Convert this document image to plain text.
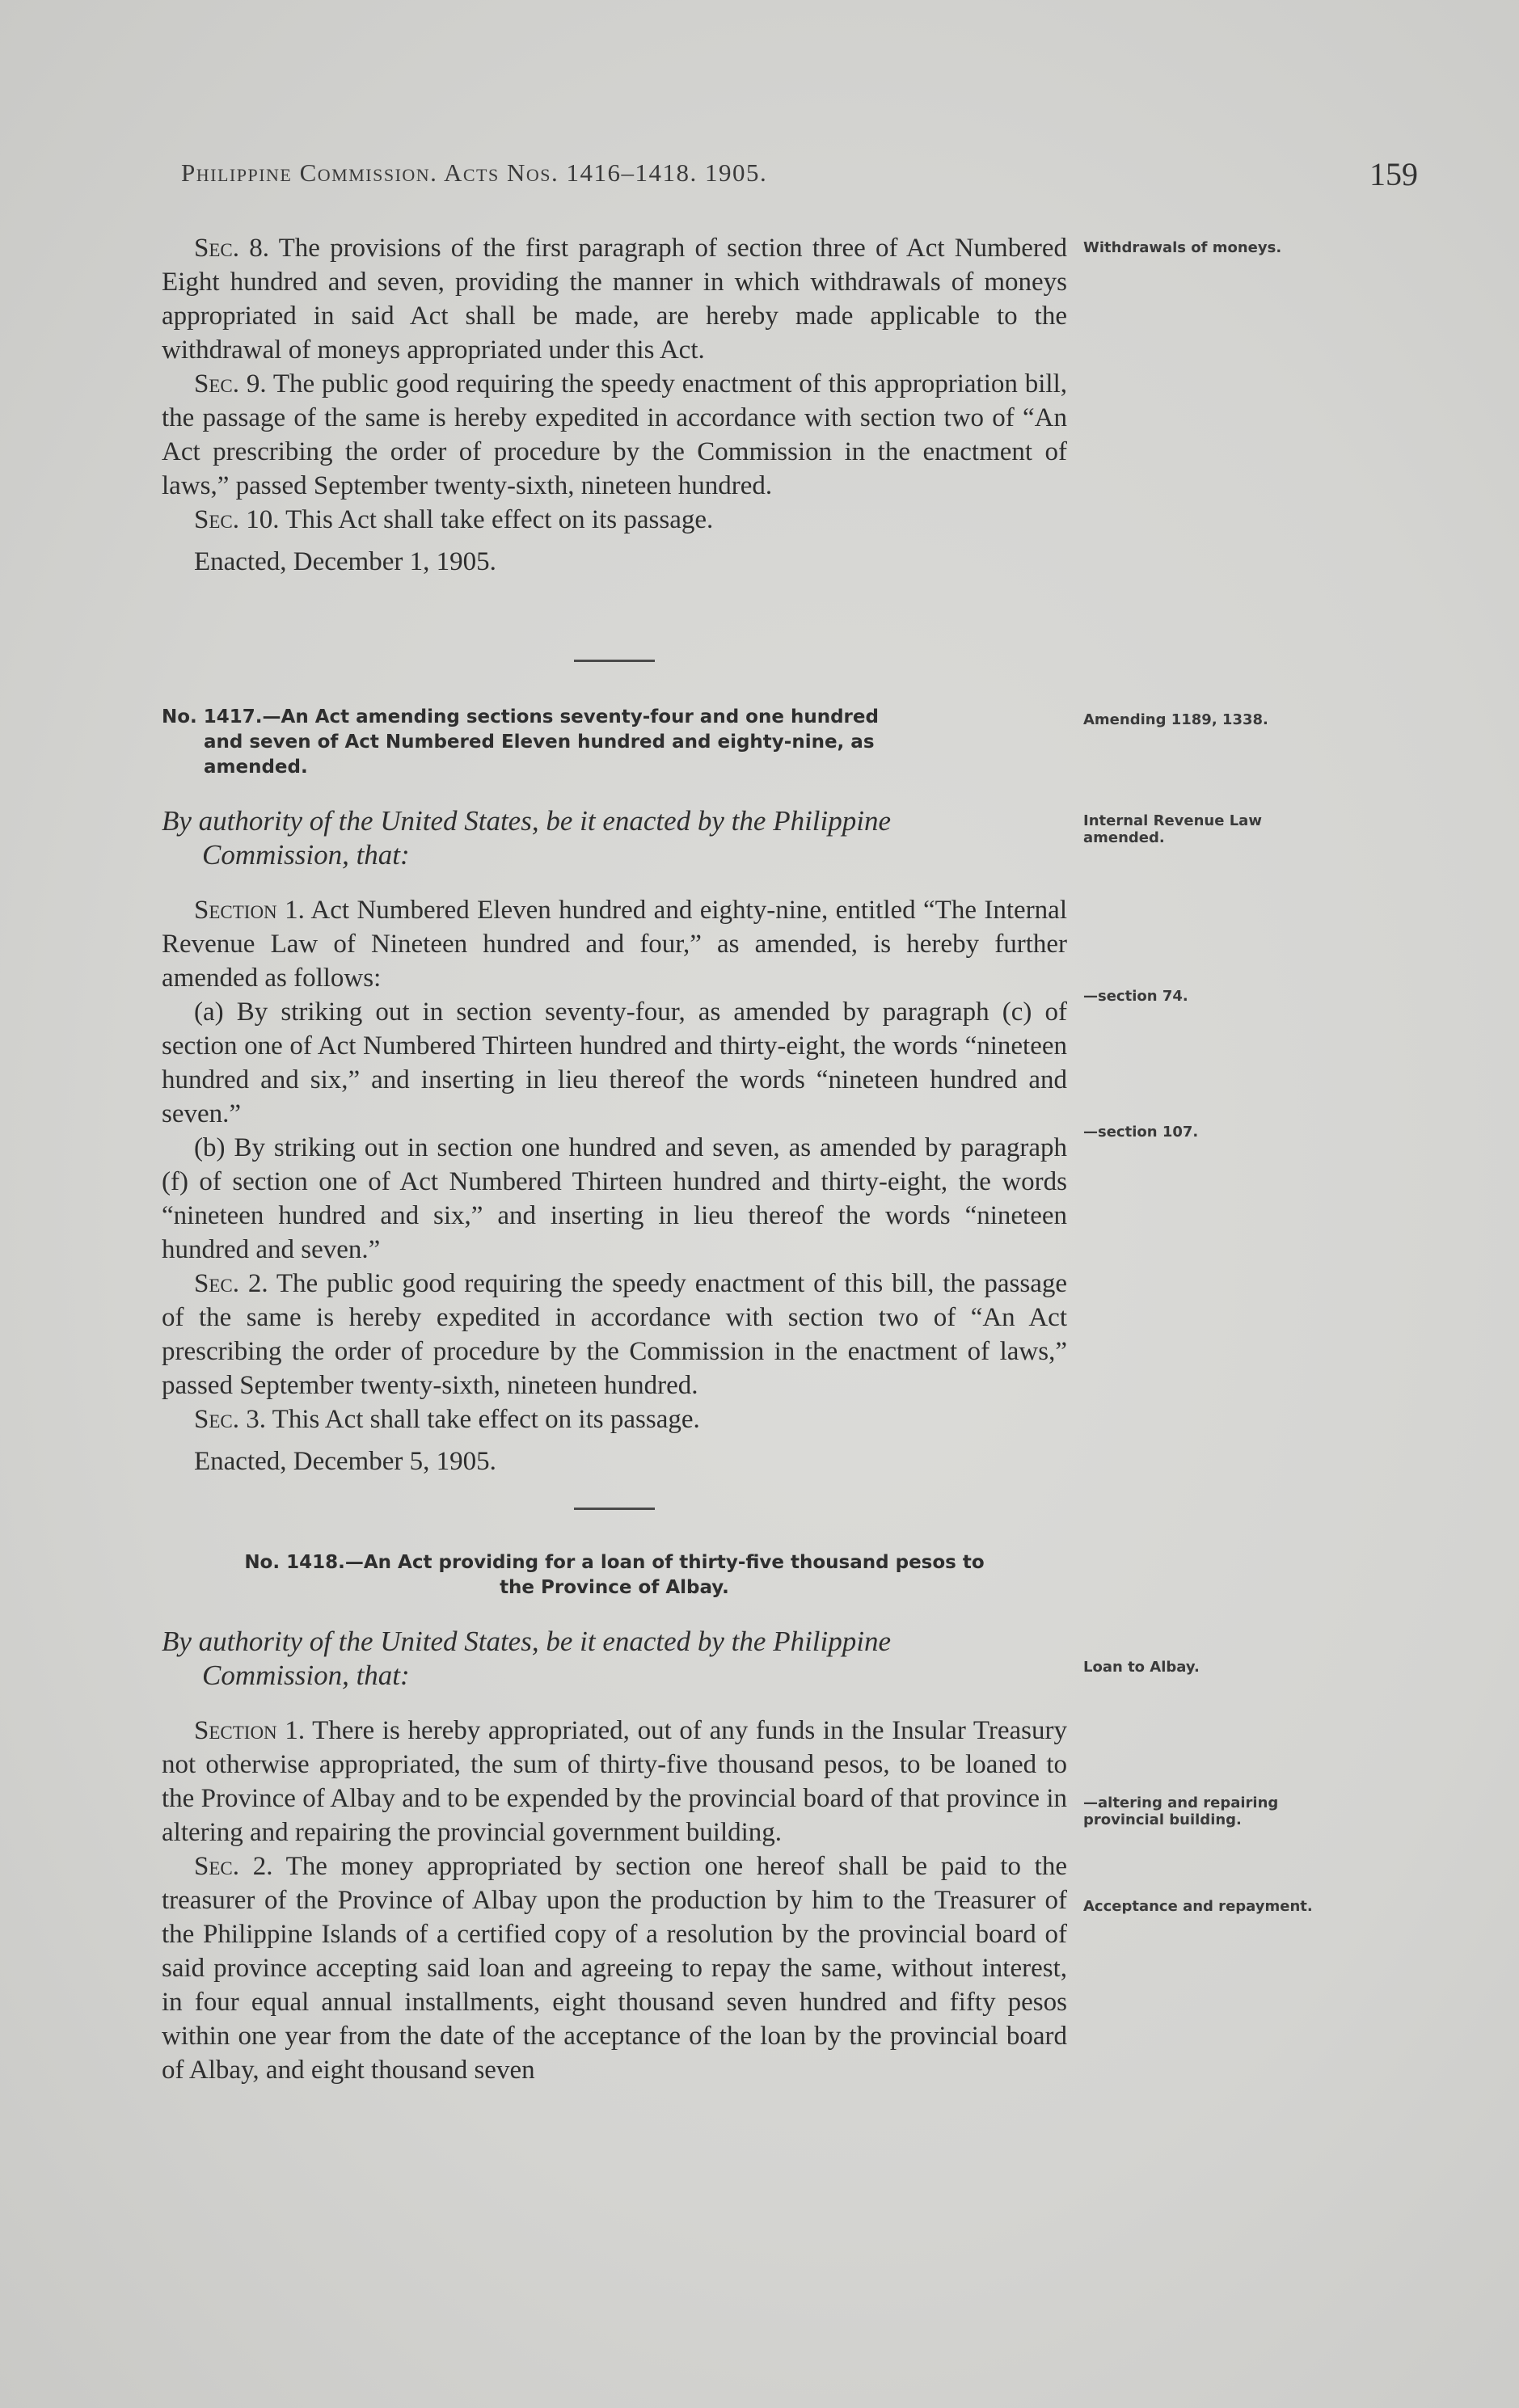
Philippine Commission. Acts Nos. 1416–1418. 1905.	159

Sec. 8. The provisions of the first paragraph of section three of Act Numbered Eight hundred and seven, providing the manner in which withdrawals of moneys appropriated in said Act shall be made, are hereby made applicable to the withdrawal of moneys appropriated under this Act.

Sec. 9. The public good requiring the speedy enactment of this appropriation bill, the passage of the same is hereby expedited in accordance with section two of “An Act prescribing the order of procedure by the Commission in the enactment of laws,” passed September twenty-sixth, nineteen hundred.

Sec. 10. This Act shall take effect on its passage.

Enacted, December 1, 1905.

No. 1417.—An Act amending sections seventy-four and one hundred

and seven of Act Numbered Eleven hundred and eighty-nine, as
amended.
By authority of the United States, be it enacted by the Philippine
Commission, that:

Section 1. Act Numbered Eleven hundred and eighty-nine, entitled “The Internal Revenue Law of Nineteen hundred and four,” as amended, is hereby further amended as follows:

(a) By striking out in section seventy-four, as amended by paragraph (c) of section one of Act Numbered Thirteen hundred and thirty-eight, the words “nineteen hundred and six,” and inserting in lieu thereof the words “nineteen hundred and seven.”

(b) By striking out in section one hundred and seven, as amended by paragraph (f) of section one of Act Numbered Thirteen hundred and thirty-eight, the words “nineteen hundred and six,” and inserting in lieu thereof the words “nineteen hundred and seven.”

Sec. 2. The public good requiring the speedy enactment of this bill, the passage of the same is hereby expedited in accordance with section two of “An Act prescribing the order of procedure by the Commission in the enactment of laws,” passed September twenty-sixth, nineteen hundred.

Sec. 3. This Act shall take effect on its passage.

Enacted, December 5, 1905.

No. 1418.—An Act providing for a loan of thirty-five thousand pesos to
the Province of Albay.
By authority of the United States, be it enacted by the Philippine
Commission, that:

Section 1. There is hereby appropriated, out of any funds in the Insular Treasury not otherwise appropriated, the sum of thirty-five thousand pesos, to be loaned to the Province of Albay and to be expended by the provincial board of that province in altering and repairing the provincial government building.

Sec. 2. The money appropriated by section one hereof shall be paid to the treasurer of the Province of Albay upon the production by him to the Treasurer of the Philippine Islands of a certified copy of a resolution by the provincial board of said province accepting said loan and agreeing to repay the same, without interest, in four equal annual installments, eight thousand seven hundred and fifty pesos within one year from the date of the acceptance of the loan by the provincial board of Albay, and eight thousand seven

Withdrawals of moneys.
Amending 1189, 1338.
Internal Revenue Law amended.
—section 74.
—section 107.
Loan to Albay.
—altering and repairing provincial building.
Acceptance and repayment.
